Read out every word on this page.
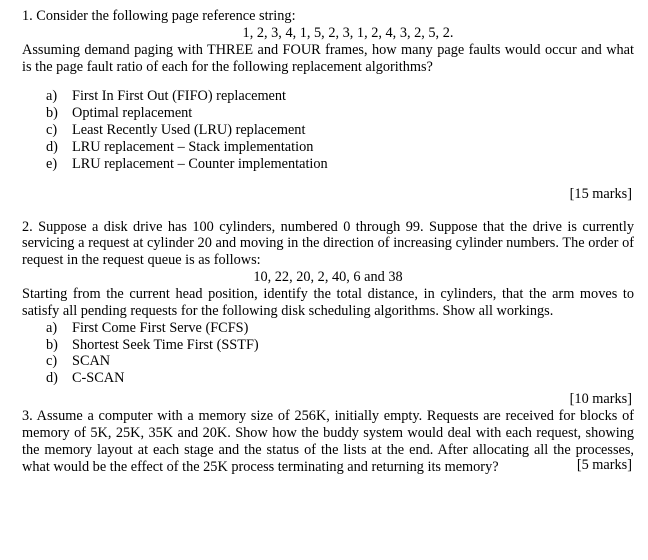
1. Consider the following page reference string:

1, 2, 3, 4, 1, 5, 2, 3, 1, 2, 4, 3, 2, 5, 2.

Assuming demand paging with THREE and FOUR frames, how many page faults would occur and what is the page fault ratio of each for the following replacement algorithms?

a)	First In First Out (FIFO) replacement
b) Optimal replacement
c)	Least Recently Used (LRU) replacement
d) LRU replacement – Stack implementation
e)	LRU replacement – Counter implementation

[15 marks]

2. Suppose a disk drive has 100 cylinders, numbered 0 through 99. Suppose that the drive is currently servicing a request at cylinder 20 and moving in the direction of increasing cylinder numbers. The order of request in the request queue is as follows:

10, 22, 20, 2, 40, 6 and 38

Starting from the current head position, identify the total distance, in cylinders, that the arm moves to satisfy all pending requests for the following disk scheduling algorithms. Show all workings.

a)	First Come First Serve (FCFS)
b) Shortest Seek Time First (SSTF)
c)	SCAN
d) C-SCAN

[10 marks]

3. Assume a computer with a memory size of 256K, initially empty. Requests are received for blocks of memory of 5K, 25K, 35K and 20K. Show how the buddy system would deal with each request, showing the memory layout at each stage and the status of the lists at the end. After allocating all the processes, what would be the effect of the 25K process terminating and returning its memory?	[5 marks]
